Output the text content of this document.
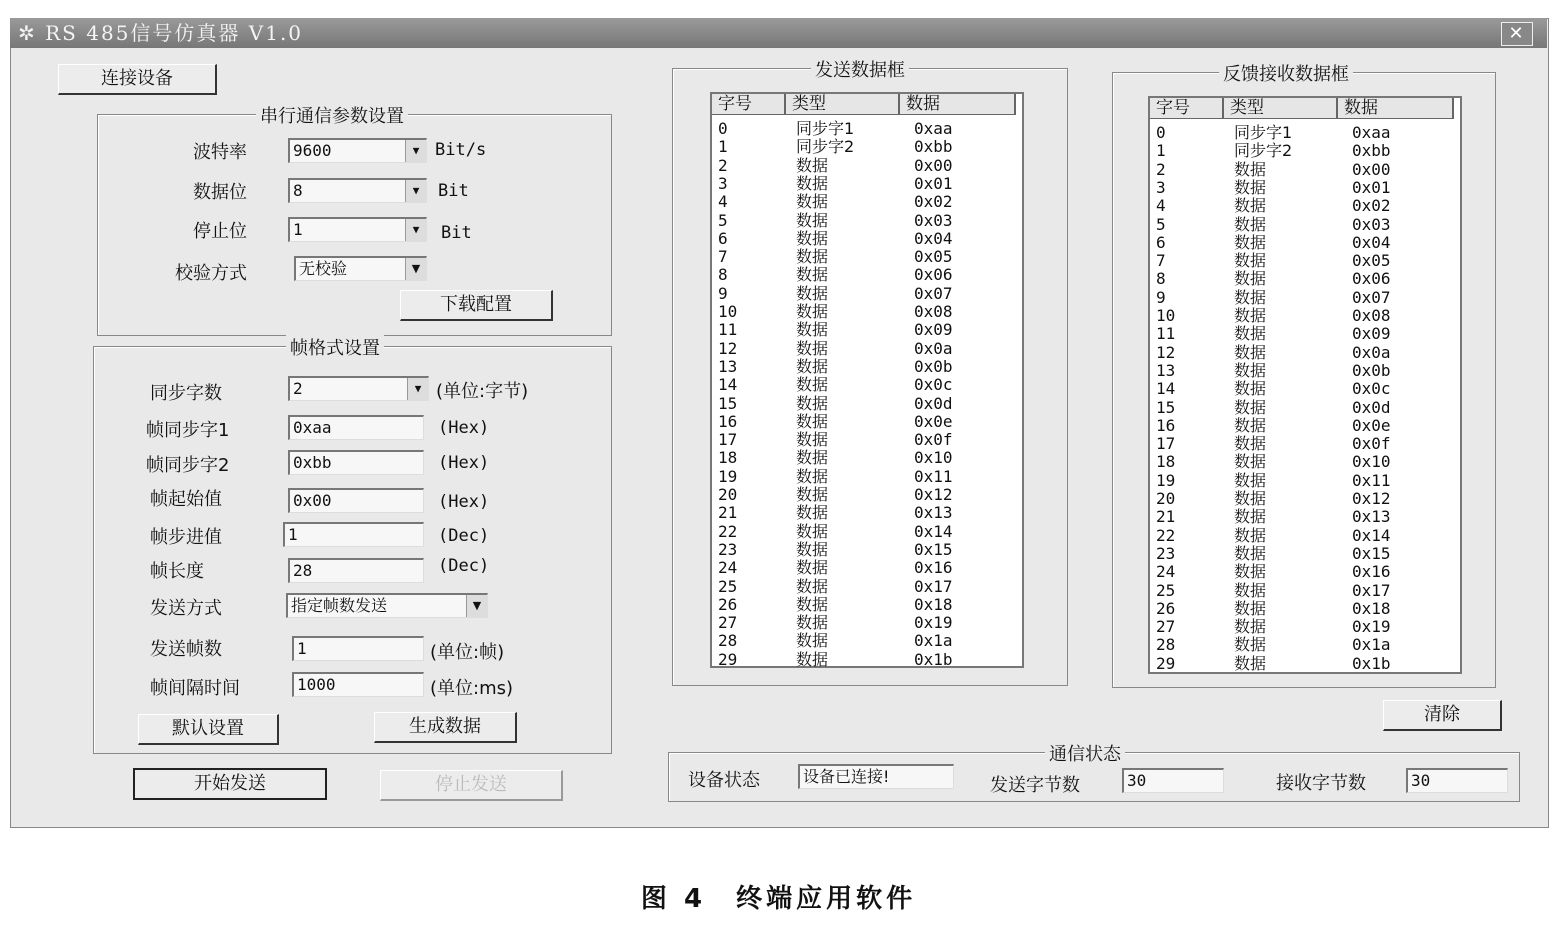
✲ RS 485信号仿真器 V1.0	✕
连接设备
串行通信参数设置
波特率	9600	▼ Bit/s
数据位	8	▼	Bit
停止位	1	▼	Bit
校验方式	无校验	▼
下载配置
帧格式设置
同步字数	2	▼ (单位:字节)
帧同步字1	0xaa	(Hex)
帧同步字2	0xbb	(Hex)
帧起始值	0x00	(Hex)
帧步进值	1	(Dec)
帧长度	28	(Dec)
发送方式	指定帧数发送	▼
发送帧数	1	(单位:帧)
帧间隔时间	1000	(单位:ms)
默认设置	生成数据
开始发送	停止发送
发送数据框
字号	类型	数据
0	同步字1	0xaa
1	同步字2	0xbb
2	数据	0x00
3	数据	0x01
4	数据	0x02
5	数据	0x03
6	数据	0x04
7	数据	0x05
8	数据	0x06
9	数据	0x07
10	数据	0x08
11	数据	0x09
12	数据	0x0a
13	数据	0x0b
14	数据	0x0c
15	数据	0x0d
16	数据	0x0e
17	数据	0x0f
18	数据	0x10
19	数据	0x11
20	数据	0x12
21	数据	0x13
22	数据	0x14
23	数据	0x15
24	数据	0x16
25	数据	0x17
26	数据	0x18
27	数据	0x19
28	数据	0x1a
29	数据	0x1b
反馈接收数据框
字号	类型	数据
0	同步字1	0xaa
1	同步字2	0xbb
2	数据	0x00
3	数据	0x01
4	数据	0x02
5	数据	0x03
6	数据	0x04
7	数据	0x05
8	数据	0x06
9	数据	0x07
10	数据	0x08
11	数据	0x09
12	数据	0x0a
13	数据	0x0b
14	数据	0x0c
15	数据	0x0d
16	数据	0x0e
17	数据	0x0f
18	数据	0x10
19	数据	0x11
20	数据	0x12
21	数据	0x13
22	数据	0x14
23	数据	0x15
24	数据	0x16
25	数据	0x17
26	数据	0x18
27	数据	0x19
28	数据	0x1a
29	数据	0x1b
清除
通信状态
设备状态	设备已连接!	发送字节数	30	接收字节数	30
图 4　终端应用软件
